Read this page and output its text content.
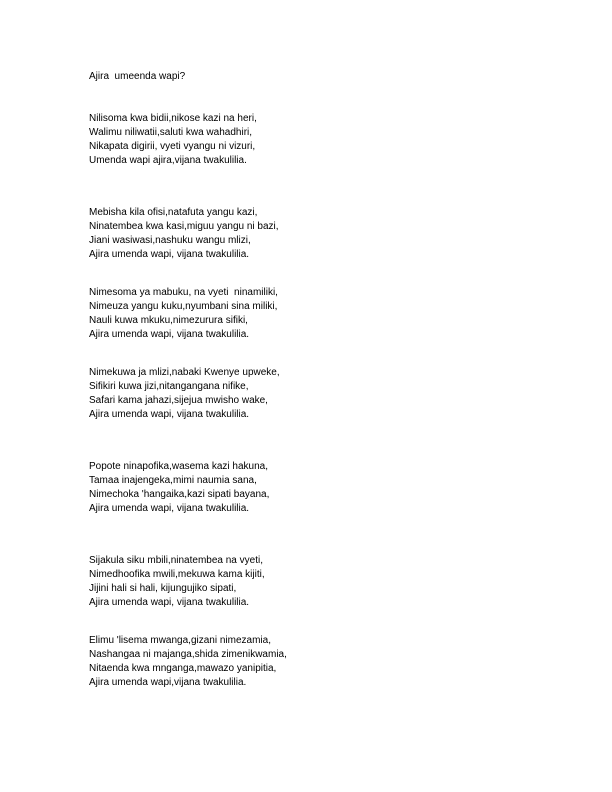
Ajira  umeenda wapi?
Nilisoma kwa bidii,nikose kazi na heri,
Walimu niliwatii,saluti kwa wahadhiri,
Nikapata digirii, vyeti vyangu ni vizuri,
Umenda wapi ajira,vijana twakulilia.
Mebisha kila ofisi,natafuta yangu kazi,
Ninatembea kwa kasi,miguu yangu ni bazi,
Jiani wasiwasi,nashuku wangu mlizi,
Ajira umenda wapi, vijana twakulilia.
Nimesoma ya mabuku, na vyeti  ninamiliki,
Nimeuza yangu kuku,nyumbani sina miliki,
Nauli kuwa mkuku,nimezurura sifiki,
Ajira umenda wapi, vijana twakulilia.
Nimekuwa ja mlizi,nabaki Kwenye upweke,
Sifikiri kuwa jizi,nitangangana nifike,
Safari kama jahazi,sijejua mwisho wake,
Ajira umenda wapi, vijana twakulilia.
Popote ninapofika,wasema kazi hakuna,
Tamaa inajengeka,mimi naumia sana,
Nimechoka 'hangaika,kazi sipati bayana,
Ajira umenda wapi, vijana twakulilia.
Sijakula siku mbili,ninatembea na vyeti,
Nimedhoofika mwili,mekuwa kama kijiti,
Jijini hali si hali, kijungujiko sipati,
Ajira umenda wapi, vijana twakulilia.
Elimu 'lisema mwanga,gizani nimezamia,
Nashangaa ni majanga,shida zimenikwamia,
Nitaenda kwa mnganga,mawazo yanipitia,
Ajira umenda wapi,vijana twakulilia.
